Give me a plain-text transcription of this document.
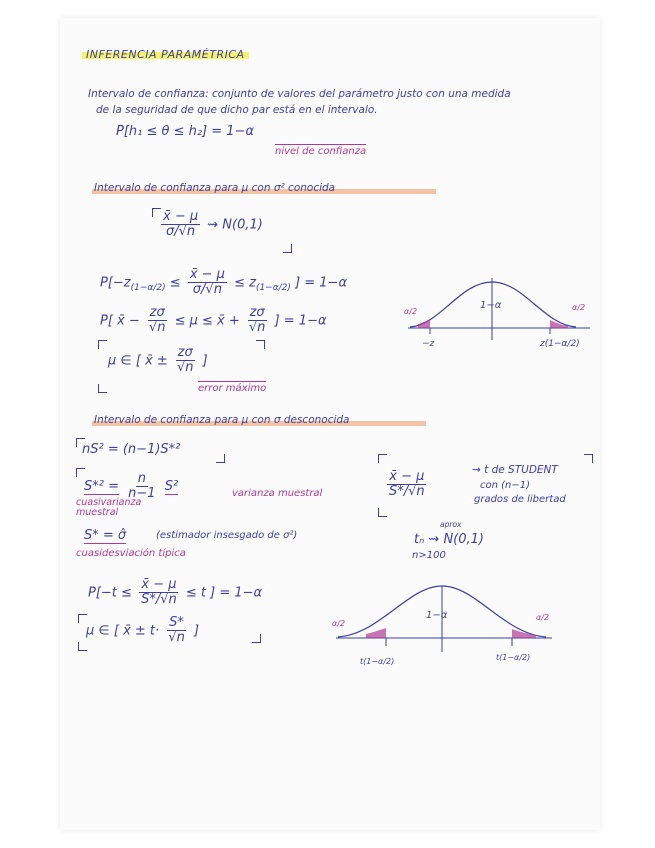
INFERENCIA PARAMÉTRICA
Intervalo de confianza: conjunto de valores del parámetro justo con una medida
de la seguridad de que dicho par está en el intervalo.
P[h₁ ≤ θ ≤ h₂] = 1−α
nivel de confianza
Intervalo de confianza para μ con σ² conocida
$\frac{x̄ - \mu}{\sigma/√n}$ ⇝ N(0,1)
$P[-z_{(1-\alpha/2)} \le \frac{x̄ - \mu}{\sigma/√n} \le z_{(1-\alpha/2)}$ ] = 1−α
P[ x̄ − $\frac{z\sigma}{√n} \le \mu$ ≤ x̄ + $\frac{z\sigma}{√n}$ ] = 1−α
μ ∈ [ x̄ ± $\frac{z\sigma}{√n}$ ]
error máximo
1−α
α/2	α/2
−z	z(1−α/2)
Intervalo de confianza para μ con σ desconocida
nS² = (n−1)S*²
$S*^2 = \frac{n}{n-1} S^2$	varianza muestral
cuasivarianza muestral
S* = σ̂	(estimador insesgado de σ²)
cuasidesviación típica
$\frac{x̄ - \mu}{S*/√n}$	⇝ t de STUDENT
con (n−1)
grados de libertad
tₙ ⇝ N(0,1)
aprox
n>100
$P[-t \le \frac{x̄ - \mu}{S*/√n} \le t$ ] = 1−α
μ ∈ [ x̄ ± $t\cdot \frac{S*}{√n}$ ]
1−α
α/2
α/2
t(1−α/2)	t(1−α/2)
